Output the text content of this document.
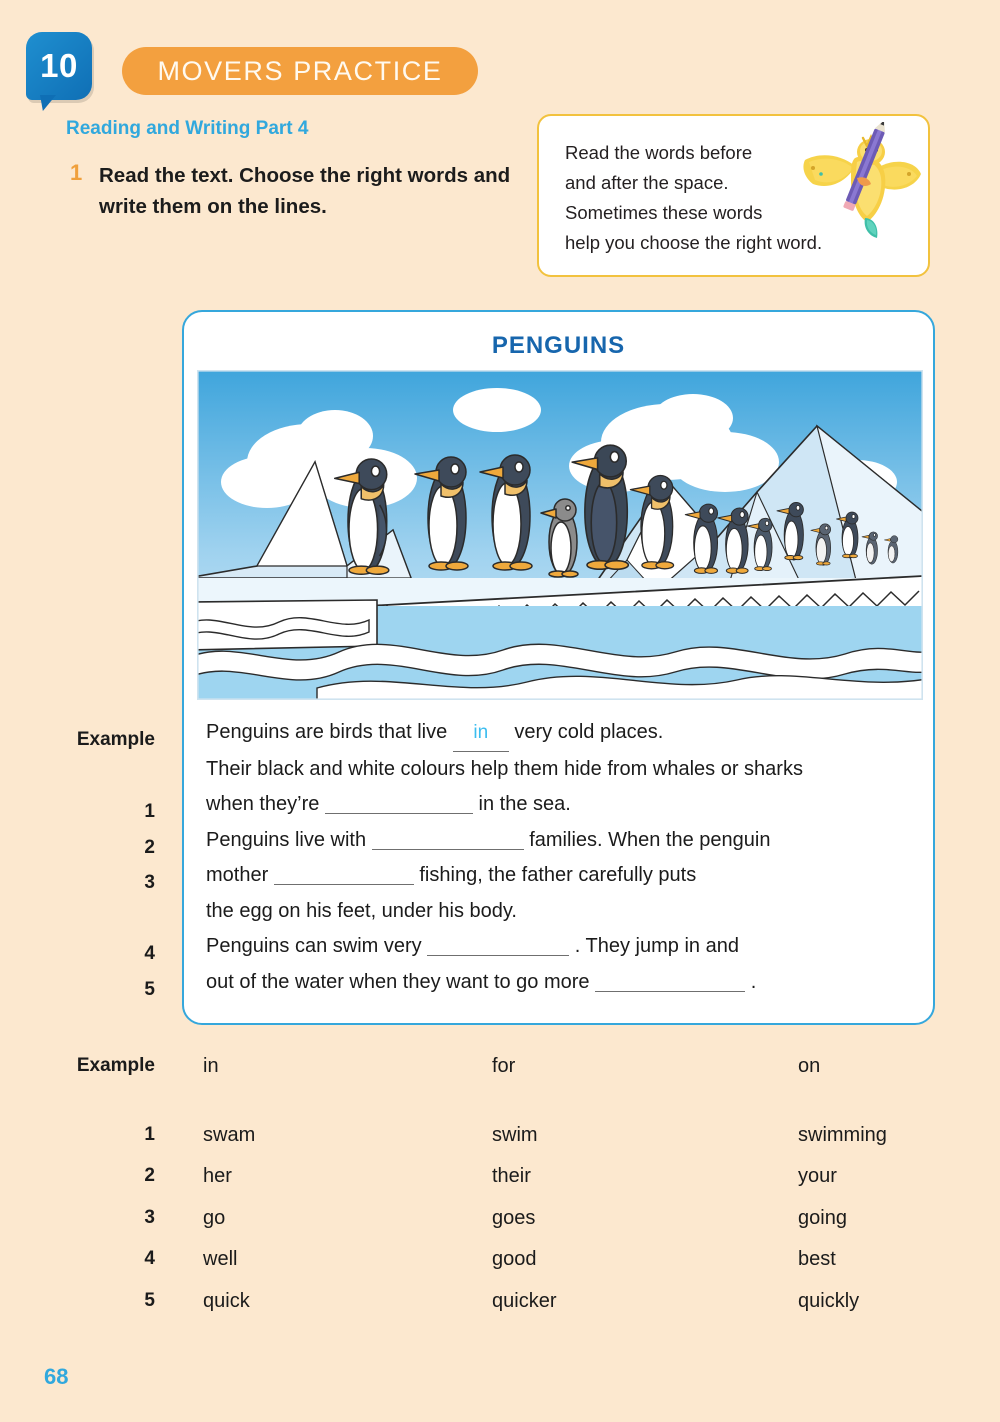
10	MOVERS PRACTICE
Reading and Writing Part 4
1 Read the text. Choose the right words and write them on the lines.
Read the words before
and after the space.
Sometimes these words
help you choose the right word.
PENGUINS
Penguins are birds that live in very cold places.
Their black and white colours help them hide from whales or sharks
when they’re	in the sea.
Penguins live with	families. When the penguin
mother	fishing, the father carefully puts
the egg on his feet, under his body.
Penguins can swim very	. They jump in and
out of the water when they want to go more	.
Example
1
2
3
4
5
Example in	for	on
1 swam	swim	swimming
2 her	their	your
3 go	goes	going
4 well	good	best
5 quick	quicker	quickly
68
